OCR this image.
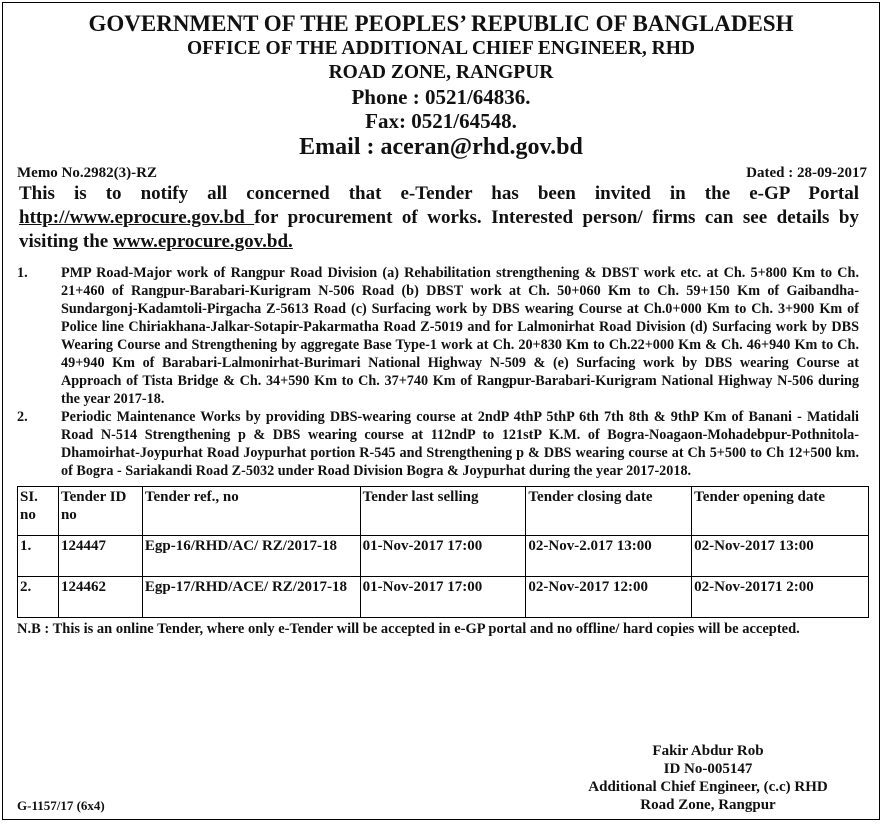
GOVERNMENT OF THE PEOPLES’ REPUBLIC OF BANGLADESH
OFFICE OF THE ADDITIONAL CHIEF ENGINEER, RHD
ROAD ZONE, RANGPUR
Phone : 0521/64836.
Fax: 0521/64548.
Email : aceran@rhd.gov.bd
Memo No.2982(3)-RZ	Dated : 28-09-2017
This is to notify all concerned that e-Tender has been invited in the e-GP Portal http://www.eprocure.gov.bd for procurement of works. Interested person/ firms can see details by visiting the www.eprocure.gov.bd.
1.	PMP Road-Major work of Rangpur Road Division (a) Rehabilitation strengthening & DBST work etc. at Ch. 5+800 Km to Ch. 21+460 of Rangpur-Barabari-Kurigram N-506 Road (b) DBST work at Ch. 50+060 Km to Ch. 59+150 Km of Gaibandha-Sundargonj-Kadamtoli-Pirgacha Z-5613 Road (c) Surfacing work by DBS wearing Course at Ch.0+000 Km to Ch. 3+900 Km of Police line Chiriakhana-Jalkar-Sotapir-Pakarmatha Road Z-5019 and for Lalmonirhat Road Division (d) Surfacing work by DBS Wearing Course and Strengthening by aggregate Base Type-1 work at Ch. 20+830 Km to Ch.22+000 Km & Ch. 46+940 Km to Ch. 49+940 Km of Barabari-Lalmonirhat-Burimari National Highway N-509 & (e) Surfacing work by DBS wearing Course at Approach of Tista Bridge & Ch. 34+590 Km to Ch. 37+740 Km of Rangpur-Barabari-Kurigram National Highway N-506 during the year 2017-18.
2.	Periodic Maintenance Works by providing DBS-wearing course at 2ndP 4thP 5thP 6th 7th 8th & 9thP Km of Banani - Matidali Road N-514 Strengthening p & DBS wearing course at 112ndP to 121stP K.M. of Bogra-Noagaon-Mohadebpur-Pothnitola-Dhamoirhat-Joypurhat Road Joypurhat portion R-545 and Strengthening p & DBS wearing course at Ch 5+500 to Ch 12+500 km. of Bogra - Sariakandi Road Z-5032 under Road Division Bogra & Joypurhat during the year 2017-2018.
SI. no	Tender ID no	Tender ref., no	Tender last selling	Tender closing date	Tender opening date
1.	124447	Egp-16/RHD/AC/ RZ/2017-18	01-Nov-2017 17:00	02-Nov-2.017 13:00	02-Nov-2017 13:00
2.	124462	Egp-17/RHD/ACE/ RZ/2017-18	01-Nov-2017 17:00	02-Nov-2017 12:00	02-Nov-20171 2:00
N.B : This is an online Tender, where only e-Tender will be accepted in e-GP portal and no offline/ hard copies will be accepted.
Fakir Abdur Rob
ID No-005147
Additional Chief Engineer, (c.c) RHD
Road Zone, Rangpur
G-1157/17 (6x4)
